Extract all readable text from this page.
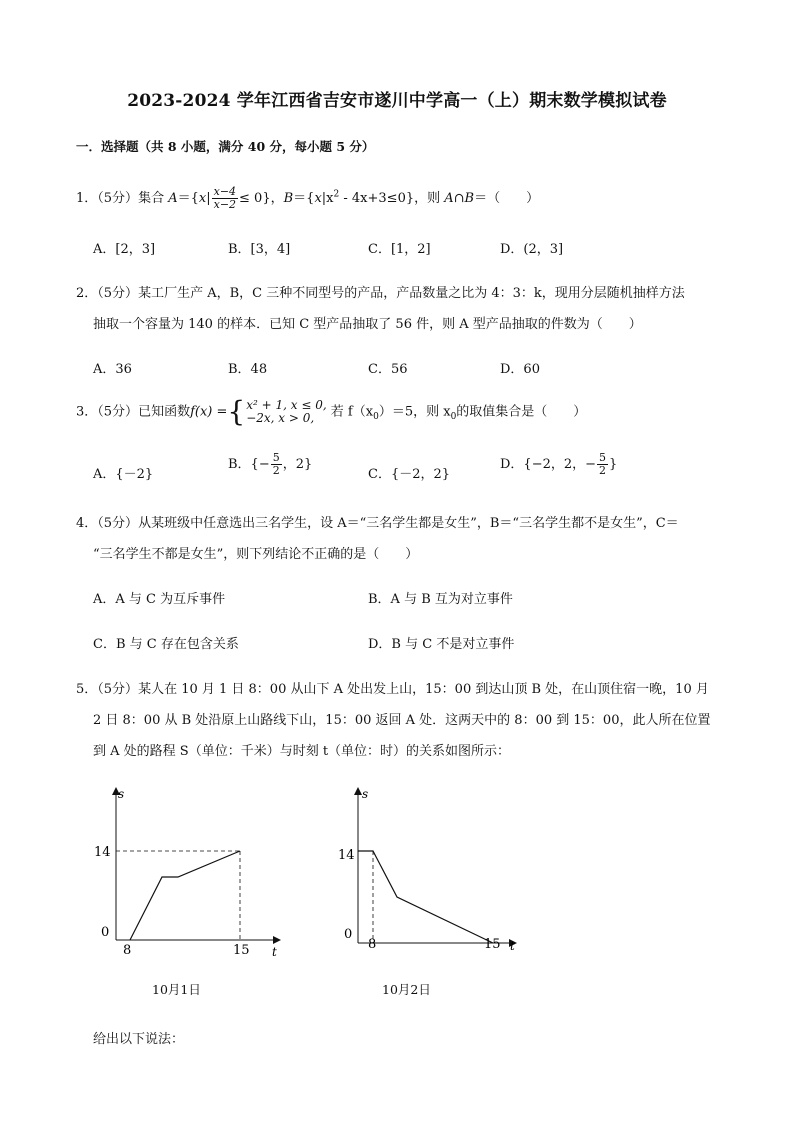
2023-2024 学年江西省吉安市遂川中学高一（上）期末数学模拟试卷
一．选择题（共 8 小题，满分 40 分，每小题 5 分）
1．（5分）集合 $A=\{x| \frac{x-4}{x-2} \le 0\}$，$B=\{x|x^2 - 4x+3\le 0\}$，则 A∩B＝（　　）
A．[2，3]	B．[3，4]	C．[1，2]	D．(2，3]
2．（5分）某工厂生产 A，B，C 三种不同型号的产品，产品数量之比为 4：3：k，现用分层随机抽样方法
抽取一个容量为 140 的样本．已知 C 型产品抽取了 56 件，则 A 型产品抽取的件数为（　　）
A．36	B．48	C．56	D．60
3．（5分）已知函数f(x) ={ x² + 1, x ≤ 0,
−2x, x > 0,	若 $f(x_0)=5$，则 $x_0$的取值集合是（　　）
A．{－2}
B．{− $\frac{5}{2}$ ，2}
C．{－2，2}
D．{−2，2，− $\frac{5}{2}$ }
4．（5分）从某班级中任意选出三名学生，设 A＝“三名学生都是女生”，B＝“三名学生都不是女生”，C＝
“三名学生不都是女生”，则下列结论不正确的是（　　）
A．A 与 C 为互斥事件	B．A 与 B 互为对立事件
C．B 与 C 存在包含关系	D．B 与 C 不是对立事件
5．（5分）某人在 10 月 1 日 8：00 从山下 A 处出发上山，15：00 到达山顶 B 处，在山顶住宿一晚，10 月
2 日 8：00 从 B 处沿原上山路线下山，15：00 返回 A 处．这两天中的 8：00 到 15：00，此人所在位置
到 A 处的路程 S（单位：千米）与时刻 t（单位：时）的关系如图所示：
s
t
14
0
8	15
10月1日
s
t
14
0
8	15
10月2日
给出以下说法：
